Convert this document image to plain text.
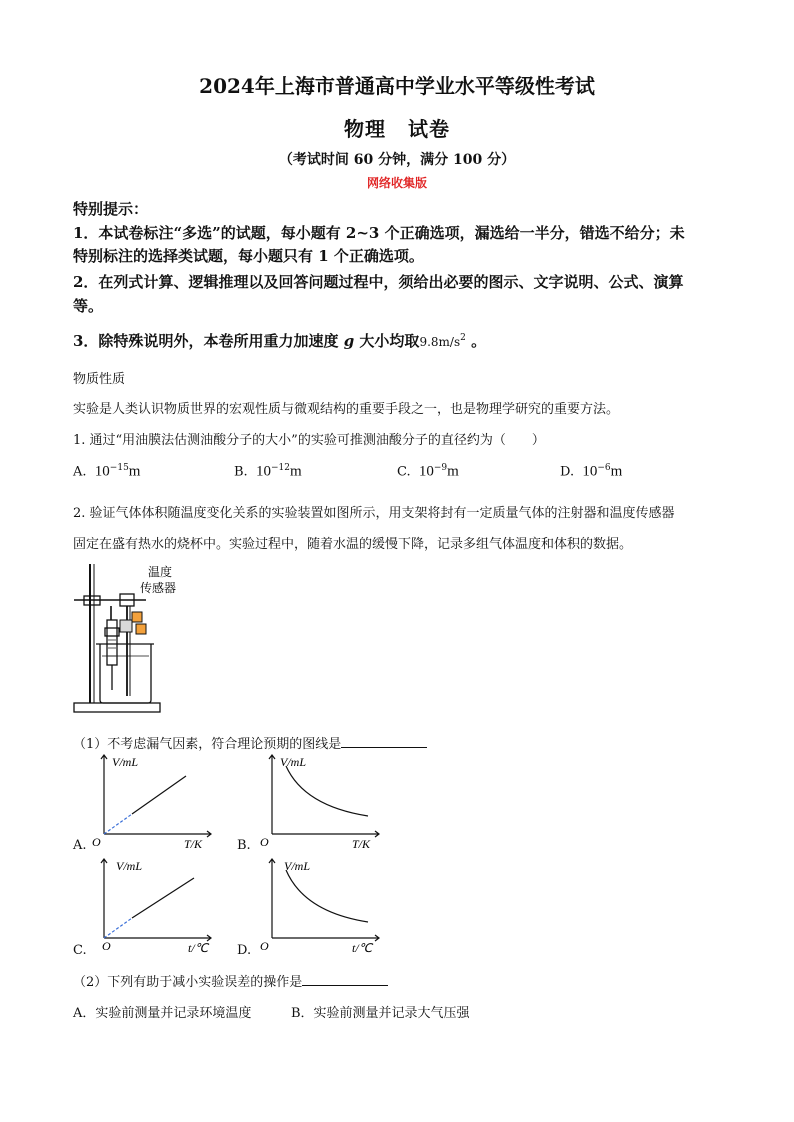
2024年上海市普通高中学业水平等级性考试
物理 试卷
（考试时间 60 分钟，满分 100 分）
网络收集版
特别提示：
1．本试卷标注“多选”的试题，每小题有 2~3 个正确选项，漏选给一半分，错选不给分；未
特别标注的选择类试题，每小题只有 1 个正确选项。
2．在列式计算、逻辑推理以及回答问题过程中，须给出必要的图示、文字说明、公式、演算
等。
3．除特殊说明外，本卷所用重力加速度 g 大小均取$9.8m/s^2$ 。
物质性质
实验是人类认识物质世界的宏观性质与微观结构的重要手段之一，也是物理学研究的重要方法。
1. 通过“用油膜法估测油酸分子的大小”的实验可推测油酸分子的直径约为（　　）
A. $10^{-15}m$	B. $10^{-12}m$	C. $10^{-9}m$	D. $10^{-6}m$
2. 验证气体体积随温度变化关系的实验装置如图所示，用支架将封有一定质量气体的注射器和温度传感器
固定在盛有热水的烧杯中。实验过程中，随着水温的缓慢下降，记录多组气体温度和体积的数据。
温度
传感器
（1）不考虑漏气因素，符合理论预期的图线是
A.
V/mL
T/K
O	B.
V/mL
T/K
O
C.
V/mL
t/℃
O	D.
V/mL
t/℃
O
（2）下列有助于减小实验误差的操作是
A．实验前测量并记录环境温度	B．实验前测量并记录大气压强
